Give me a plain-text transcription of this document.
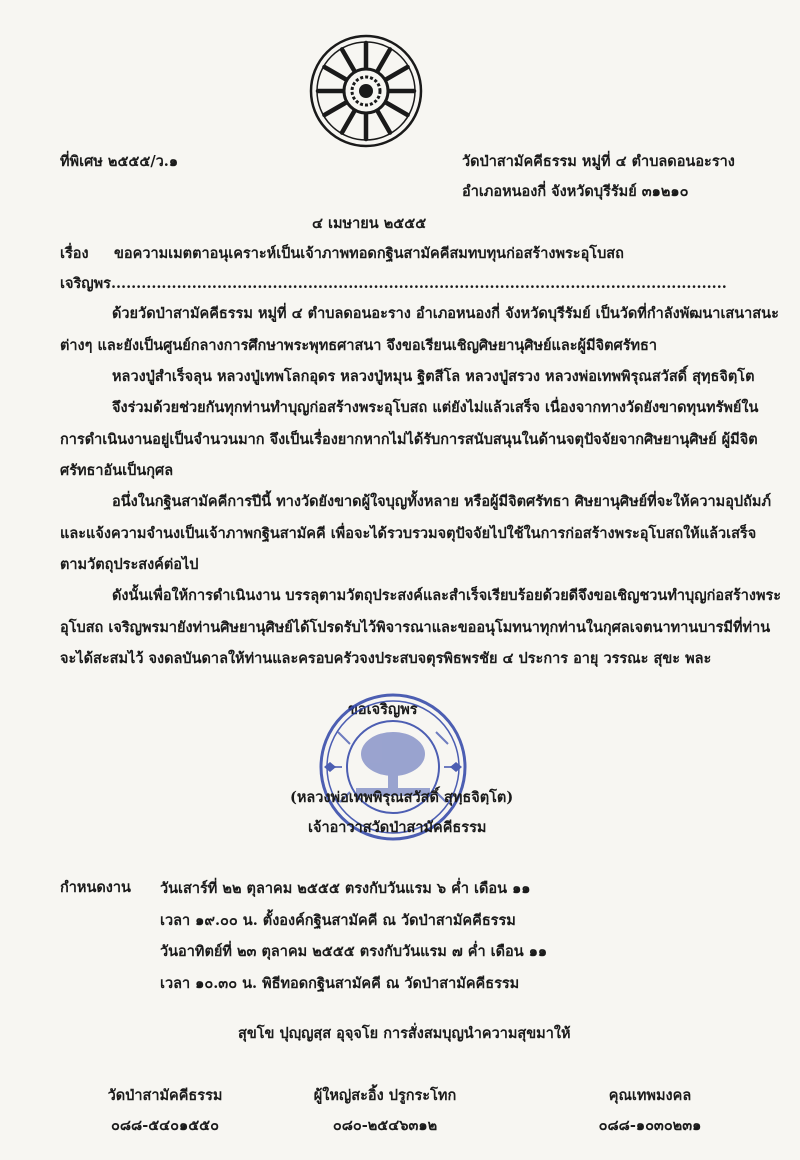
ที่พิเศษ ๒๕๕๕/ว.๑	วัดป่าสามัคคีธรรม หมู่ที่ ๔ ตำบลดอนอะราง
อำเภอหนองกี่ จังหวัดบุรีรัมย์ ๓๑๒๑๐
๔ เมษายน ๒๕๕๕
เรื่อง ขอความเมตตาอนุเคราะห์เป็นเจ้าภาพทอดกฐินสามัคคีสมทบทุนก่อสร้างพระอุโบสถ
เจริญพร..........................................................................................................................
ด้วยวัดป่าสามัคคีธรรม หมู่ที่ ๔ ตำบลดอนอะราง อำเภอหนองกี่ จังหวัดบุรีรัมย์ เป็นวัดที่กำลังพัฒนาเสนาสนะ
ต่างๆ และยังเป็นศูนย์กลางการศึกษาพระพุทธศาสนา จึงขอเรียนเชิญศิษยานุศิษย์และผู้มีจิตศรัทธา
หลวงปู่สำเร็จลุน หลวงปู่เทพโลกอุดร หลวงปู่หมุน ฐิตสีโล หลวงปู่สรวง หลวงพ่อเทพพิรุณสวัสดิ์ สุทฺธจิตฺโต
จึงร่วมด้วยช่วยกันทุกท่านทำบุญก่อสร้างพระอุโบสถ แต่ยังไม่แล้วเสร็จ เนื่องจากทางวัดยังขาดทุนทรัพย์ใน
การดำเนินงานอยู่เป็นจำนวนมาก จึงเป็นเรื่องยากหากไม่ได้รับการสนับสนุนในด้านจตุปัจจัยจากศิษยานุศิษย์ ผู้มีจิต
ศรัทธาอันเป็นกุศล
อนึ่งในกฐินสามัคคีการปีนี้ ทางวัดยังขาดผู้ใจบุญทั้งหลาย หรือผู้มีจิตศรัทธา ศิษยานุศิษย์ที่จะให้ความอุปถัมภ์
และแจ้งความจำนงเป็นเจ้าภาพกฐินสามัคคี เพื่อจะได้รวบรวมจตุปัจจัยไปใช้ในการก่อสร้างพระอุโบสถให้แล้วเสร็จ
ตามวัตถุประสงค์ต่อไป
ดังนั้นเพื่อให้การดำเนินงาน บรรลุตามวัตถุประสงค์และสำเร็จเรียบร้อยด้วยดีจึงขอเชิญชวนทำบุญก่อสร้างพระ
อุโบสถ เจริญพรมายังท่านศิษยานุศิษย์ได้โปรดรับไว้พิจารณาและขออนุโมทนาทุกท่านในกุศลเจตนาทานบารมีที่ท่าน
จะได้สะสมไว้ จงดลบันดาลให้ท่านและครอบครัวจงประสบจตุรพิธพรชัย ๔ ประการ อายุ วรรณะ สุขะ พละ
ขอเจริญพร
(หลวงพ่อเทพพิรุณสวัสดิ์ สุทฺธจิตฺโต)
เจ้าอาวาสวัดป่าสามัคคีธรรม
กำหนดงาน วันเสาร์ที่ ๒๒ ตุลาคม ๒๕๕๕ ตรงกับวันแรม ๖ ค่ำ เดือน ๑๑
เวลา ๑๙.๐๐ น. ตั้งองค์กฐินสามัคคี ณ วัดป่าสามัคคีธรรม
วันอาทิตย์ที่ ๒๓ ตุลาคม ๒๕๕๕ ตรงกับวันแรม ๗ ค่ำ เดือน ๑๑
เวลา ๑๐.๓๐ น. พิธีทอดกฐินสามัคคี ณ วัดป่าสามัคคีธรรม
สุขโข ปุญฺญสฺส อุจฺจโย การสั่งสมบุญนำความสุขมาให้
วัดป่าสามัคคีธรรม
๐๘๘-๕๔๐๑๕๕๐
ผู้ใหญ่สะอิ้ง ปรูกระโทก
๐๘๐-๒๕๔๖๓๑๒
คุณเทพมงคล
๐๘๘-๑๐๓๐๒๓๑
